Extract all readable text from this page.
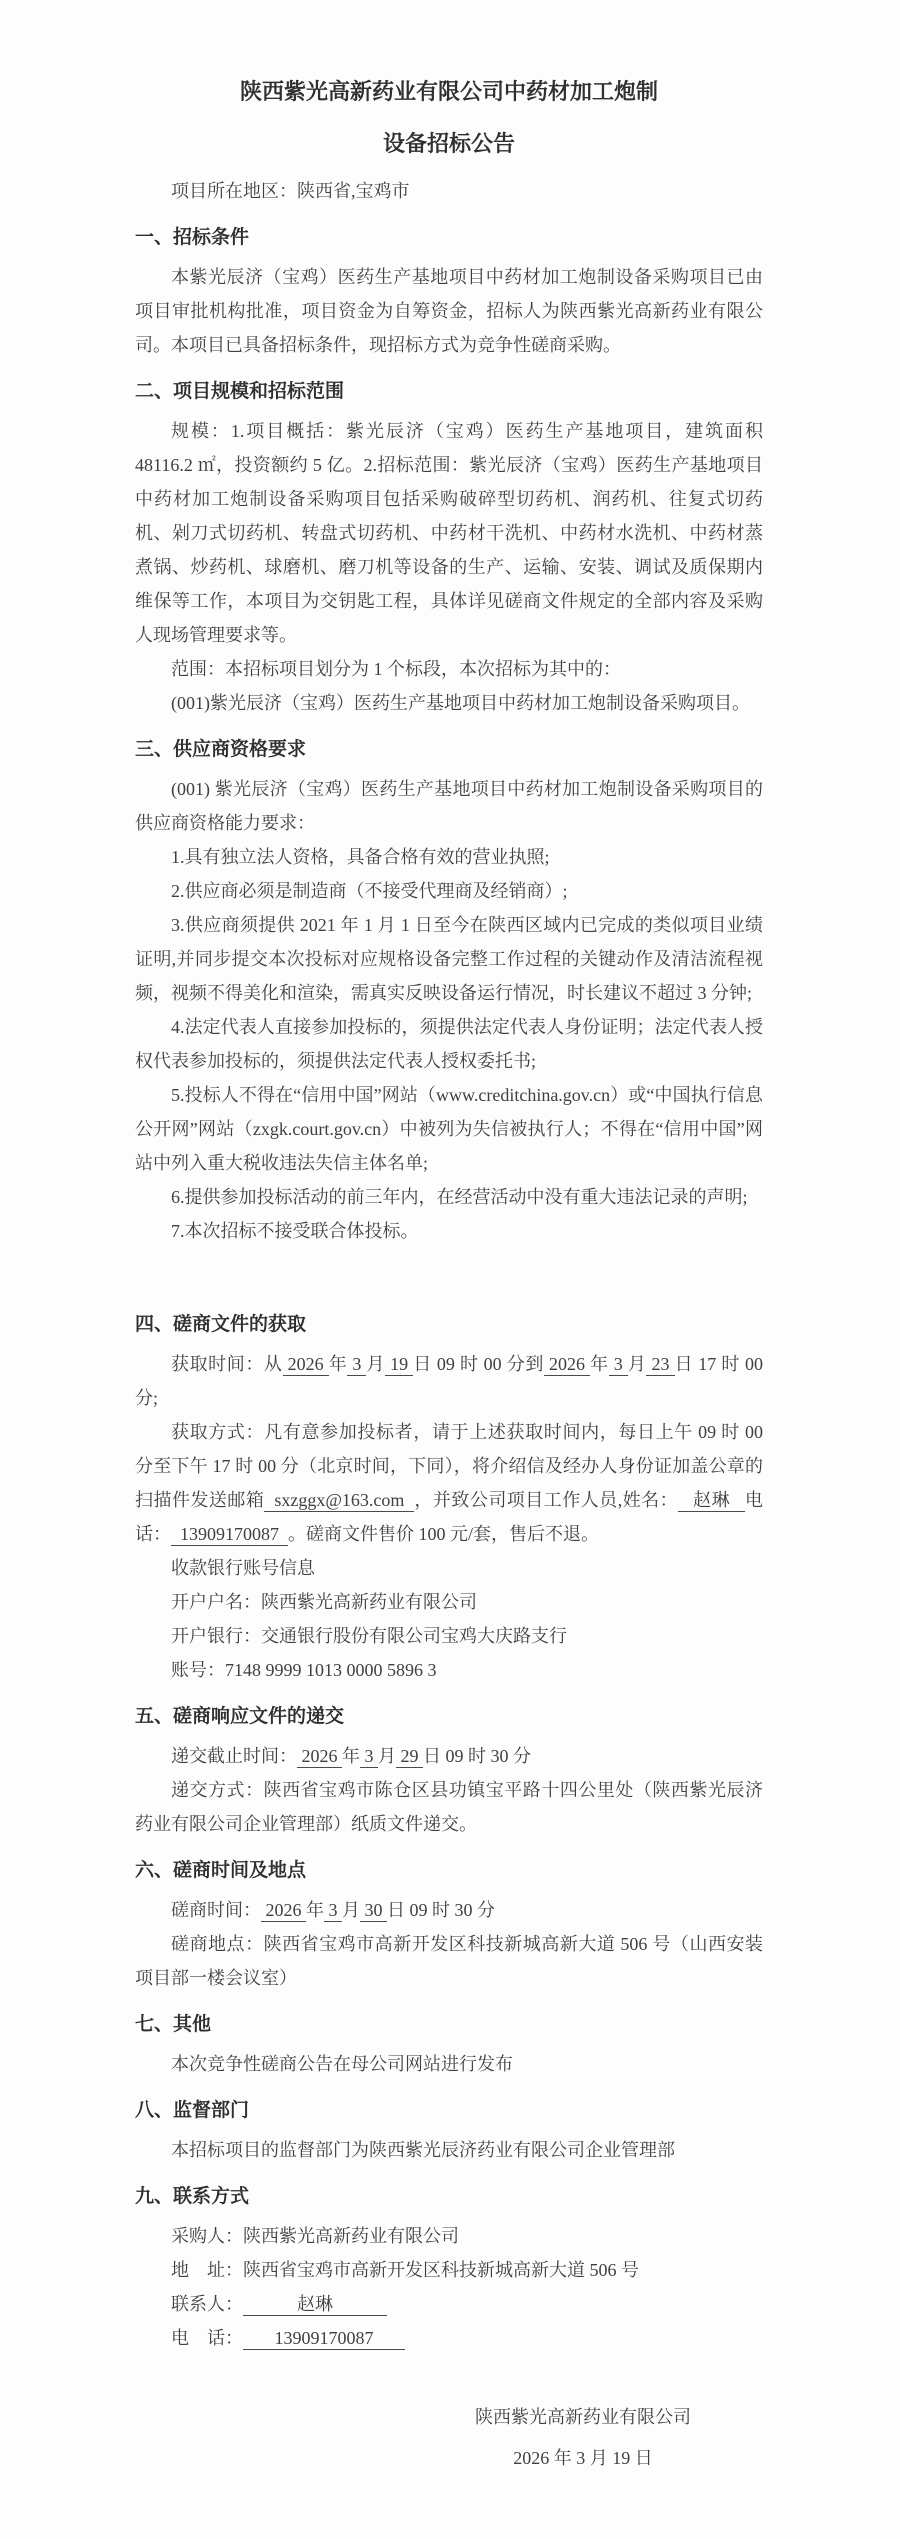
陕西紫光高新药业有限公司中药材加工炮制
设备招标公告

项目所在地区：陕西省,宝鸡市

一、招标条件

本紫光辰济（宝鸡）医药生产基地项目中药材加工炮制设备采购项目已由项目审批机构批准，项目资金为自筹资金，招标人为陕西紫光高新药业有限公司。本项目已具备招标条件，现招标方式为竞争性磋商采购。

二、项目规模和招标范围

规模：1.项目概括：紫光辰济（宝鸡）医药生产基地项目，建筑面积 48116.2 ㎡，投资额约 5 亿。2.招标范围：紫光辰济（宝鸡）医药生产基地项目中药材加工炮制设备采购项目包括采购破碎型切药机、润药机、往复式切药机、剁刀式切药机、转盘式切药机、中药材干洗机、中药材水洗机、中药材蒸煮锅、炒药机、球磨机、磨刀机等设备的生产、运输、安装、调试及质保期内维保等工作，本项目为交钥匙工程，具体详见磋商文件规定的全部内容及采购人现场管理要求等。

范围：本招标项目划分为 1 个标段，本次招标为其中的：

(001)紫光辰济（宝鸡）医药生产基地项目中药材加工炮制设备采购项目。

三、供应商资格要求

(001) 紫光辰济（宝鸡）医药生产基地项目中药材加工炮制设备采购项目的供应商资格能力要求：

1.具有独立法人资格，具备合格有效的营业执照;

2.供应商必须是制造商（不接受代理商及经销商）;

3.供应商须提供 2021 年 1 月 1 日至今在陕西区域内已完成的类似项目业绩证明,并同步提交本次投标对应规格设备完整工作过程的关键动作及清洁流程视频，视频不得美化和渲染，需真实反映设备运行情况，时长建议不超过 3 分钟;

4.法定代表人直接参加投标的，须提供法定代表人身份证明；法定代表人授权代表参加投标的，须提供法定代表人授权委托书;

5.投标人不得在“信用中国”网站（www.creditchina.gov.cn）或“中国执行信息公开网”网站（zxgk.court.gov.cn）中被列为失信被执行人；不得在“信用中国”网站中列入重大税收违法失信主体名单;

6.提供参加投标活动的前三年内，在经营活动中没有重大违法记录的声明;

7.本次招标不接受联合体投标。

四、磋商文件的获取

获取时间：从 2026 年 3 月 19 日 09 时 00 分到 2026 年 3 月 23 日 17 时 00 分;

获取方式：凡有意参加投标者，请于上述获取时间内，每日上午 09 时 00 分至下午 17 时 00 分（北京时间，下同），将介绍信及经办人身份证加盖公章的扫描件发送邮箱  sxzggx@163.com  ，并致公司项目工作人员,姓名：   赵琳   电话：  13909170087  。磋商文件售价 100 元/套，售后不退。

收款银行账号信息

开户户名：陕西紫光高新药业有限公司

开户银行：交通银行股份有限公司宝鸡大庆路支行

账号：7148 9999 1013 0000 5896 3

五、磋商响应文件的递交

递交截止时间： 2026 年 3 月 29 日 09 时 30 分

递交方式：陕西省宝鸡市陈仓区县功镇宝平路十四公里处（陕西紫光辰济药业有限公司企业管理部）纸质文件递交。

六、磋商时间及地点

磋商时间： 2026 年 3 月 30 日 09 时 30 分

磋商地点：陕西省宝鸡市高新开发区科技新城高新大道 506 号（山西安装项目部一楼会议室）

七、其他

本次竞争性磋商公告在母公司网站进行发布

八、监督部门

本招标项目的监督部门为陕西紫光辰济药业有限公司企业管理部

九、联系方式

采购人：陕西紫光高新药业有限公司

地　址：陕西省宝鸡市高新开发区科技新城高新大道 506 号

联系人：            赵琳

电　话：       13909170087

陕西紫光高新药业有限公司

2026 年 3 月 19 日
